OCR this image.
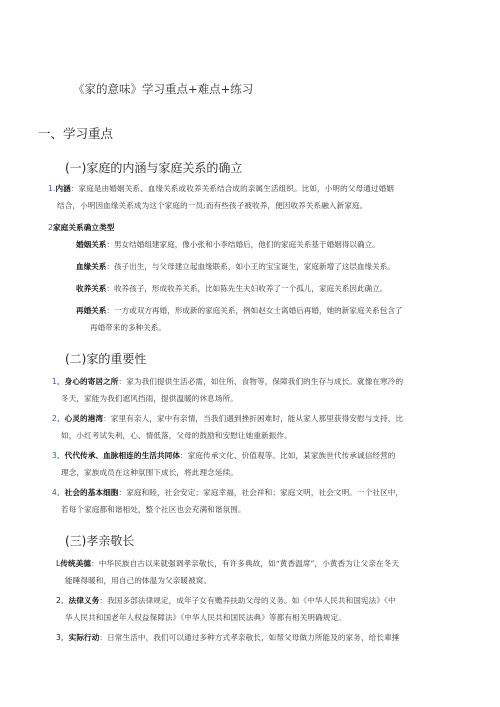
《家的意味》学习重点+难点+练习
一、学习重点
(一)家庭的内涵与家庭关系的确立
1.内涵：家庭是由婚姻关系、血缘关系或收养关系结合成的亲属生活组织。比如，小明的父母通过婚姻
结合，小明因血缘关系成为这个家庭的一员;而有些孩子被收养，便因收养关系融入新家庭。
2家庭关系确立类型
婚姻关系：男女结婚组建家庭，像小张和小李结婚后，他们的家庭关系基于婚姻得以确立。
血缘关系：孩子出生，与父母建立起血缘联系，如小王的宝宝诞生，家庭新增了这层血缘关系。
收养关系：收养孩子，形成收养关系，比如陈先生夫妇收养了一个孤儿，家庭关系因此确立。
再婚关系：一方或双方再婚，形成新的家庭关系，例如赵女士离婚后再婚，她的新家庭关系包含了
再婚带来的多种关系。
(二)家的重要性
1．身心的寄居之所：家为我们提供生活必需，如住所、食物等，保障我们的生存与成长。就像在寒冷的
冬天，家能为我们遮风挡雨，提供温暖的休息场所。
2．心灵的港湾：家里有亲人，家中有亲情，当我们遇到挫折困难时，能从家人那里获得安慰与支持，比
如，小红考试失利，心、情低落，父母的鼓励和安慰让她重新振作。
3．代代传承、血脉相连的生活共同体：家庭传承文化、价值观等。比如，某家族世代传承诚信经营的
理念，家族成员在这种氛围下成长，将此理念延续。
4．社会的基本细胞：家庭和睦，社会安定；家庭幸福，社会祥和；家庭文明，社会文明。一个社区中，
若每个家庭都和谐相处，整个社区也会充满和谐氛围。
(三)孝亲敬长
L传统美德：中华民族自古以来就强调孝亲敬长，有许多典故，如“黄香温席”，小黄香为让父亲在冬天
能睡得暖和，用自己的体温为父亲暖被窝。
2．法律义务：我国多部法律规定，成年子女有赡养扶助父母的义务。如《中华人民共和国宪法》《中
华人民共和国老年人权益保障法》《中华人民共和国民法典》等都有相关明确规定。
3．实际行动：日常生活中，我们可以通过多种方式孝亲敬长，如帮父母做力所能及的家务，给长辈捶
